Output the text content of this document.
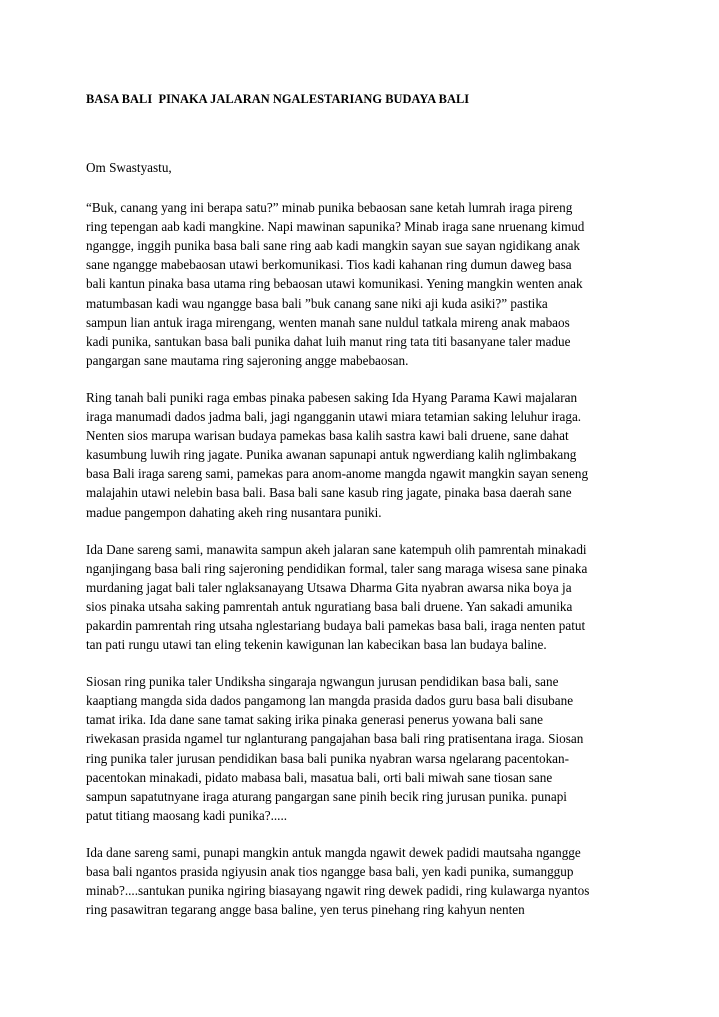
BASA BALI  PINAKA JALARAN NGALESTARIANG BUDAYA BALI
Om Swastyastu,
“Buk, canang yang ini berapa satu?” minab punika bebaosan sane ketah lumrah iraga pireng
ring tepengan aab kadi mangkine. Napi mawinan sapunika? Minab iraga sane nruenang kimud
ngangge, inggih punika basa bali sane ring aab kadi mangkin sayan sue sayan ngidikang anak
sane ngangge mabebaosan utawi berkomunikasi. Tios kadi kahanan ring dumun daweg basa
bali kantun pinaka basa utama ring bebaosan utawi komunikasi. Yening mangkin wenten anak
matumbasan kadi wau ngangge basa bali ”buk canang sane niki aji kuda asiki?” pastika
sampun lian antuk iraga mirengang, wenten manah sane nuldul tatkala mireng anak mabaos
kadi punika, santukan basa bali punika dahat luih manut ring tata titi basanyane taler madue
pangargan sane mautama ring sajeroning angge mabebaosan.
Ring tanah bali puniki raga embas pinaka pabesen saking Ida Hyang Parama Kawi majalaran
iraga manumadi dados jadma bali, jagi ngangganin utawi miara tetamian saking leluhur iraga.
Nenten sios marupa warisan budaya pamekas basa kalih sastra kawi bali druene, sane dahat
kasumbung luwih ring jagate. Punika awanan sapunapi antuk ngwerdiang kalih nglimbakang
basa Bali iraga sareng sami, pamekas para anom-anome mangda ngawit mangkin sayan seneng
malajahin utawi nelebin basa bali. Basa bali sane kasub ring jagate, pinaka basa daerah sane
madue pangempon dahating akeh ring nusantara puniki.
Ida Dane sareng sami, manawita sampun akeh jalaran sane katempuh olih pamrentah minakadi
nganjingang basa bali ring sajeroning pendidikan formal, taler sang maraga wisesa sane pinaka
murdaning jagat bali taler nglaksanayang Utsawa Dharma Gita nyabran awarsa nika boya ja
sios pinaka utsaha saking pamrentah antuk nguratiang basa bali druene. Yan sakadi amunika
pakardin pamrentah ring utsaha nglestariang budaya bali pamekas basa bali, iraga nenten patut
tan pati rungu utawi tan eling tekenin kawigunan lan kabecikan basa lan budaya baline.
Siosan ring punika taler Undiksha singaraja ngwangun jurusan pendidikan basa bali, sane
kaaptiang mangda sida dados pangamong lan mangda prasida dados guru basa bali disubane
tamat irika. Ida dane sane tamat saking irika pinaka generasi penerus yowana bali sane
riwekasan prasida ngamel tur nglanturang pangajahan basa bali ring pratisentana iraga. Siosan
ring punika taler jurusan pendidikan basa bali punika nyabran warsa ngelarang pacentokan-
pacentokan minakadi, pidato mabasa bali, masatua bali, orti bali miwah sane tiosan sane
sampun sapatutnyane iraga aturang pangargan sane pinih becik ring jurusan punika. punapi
patut titiang maosang kadi punika?.....
Ida dane sareng sami, punapi mangkin antuk mangda ngawit dewek padidi mautsaha ngangge
basa bali ngantos prasida ngiyusin anak tios ngangge basa bali, yen kadi punika, sumanggup
minab?....santukan punika ngiring biasayang ngawit ring dewek padidi, ring kulawarga nyantos
ring pasawitran tegarang angge basa baline, yen terus pinehang ring kahyun nenten
